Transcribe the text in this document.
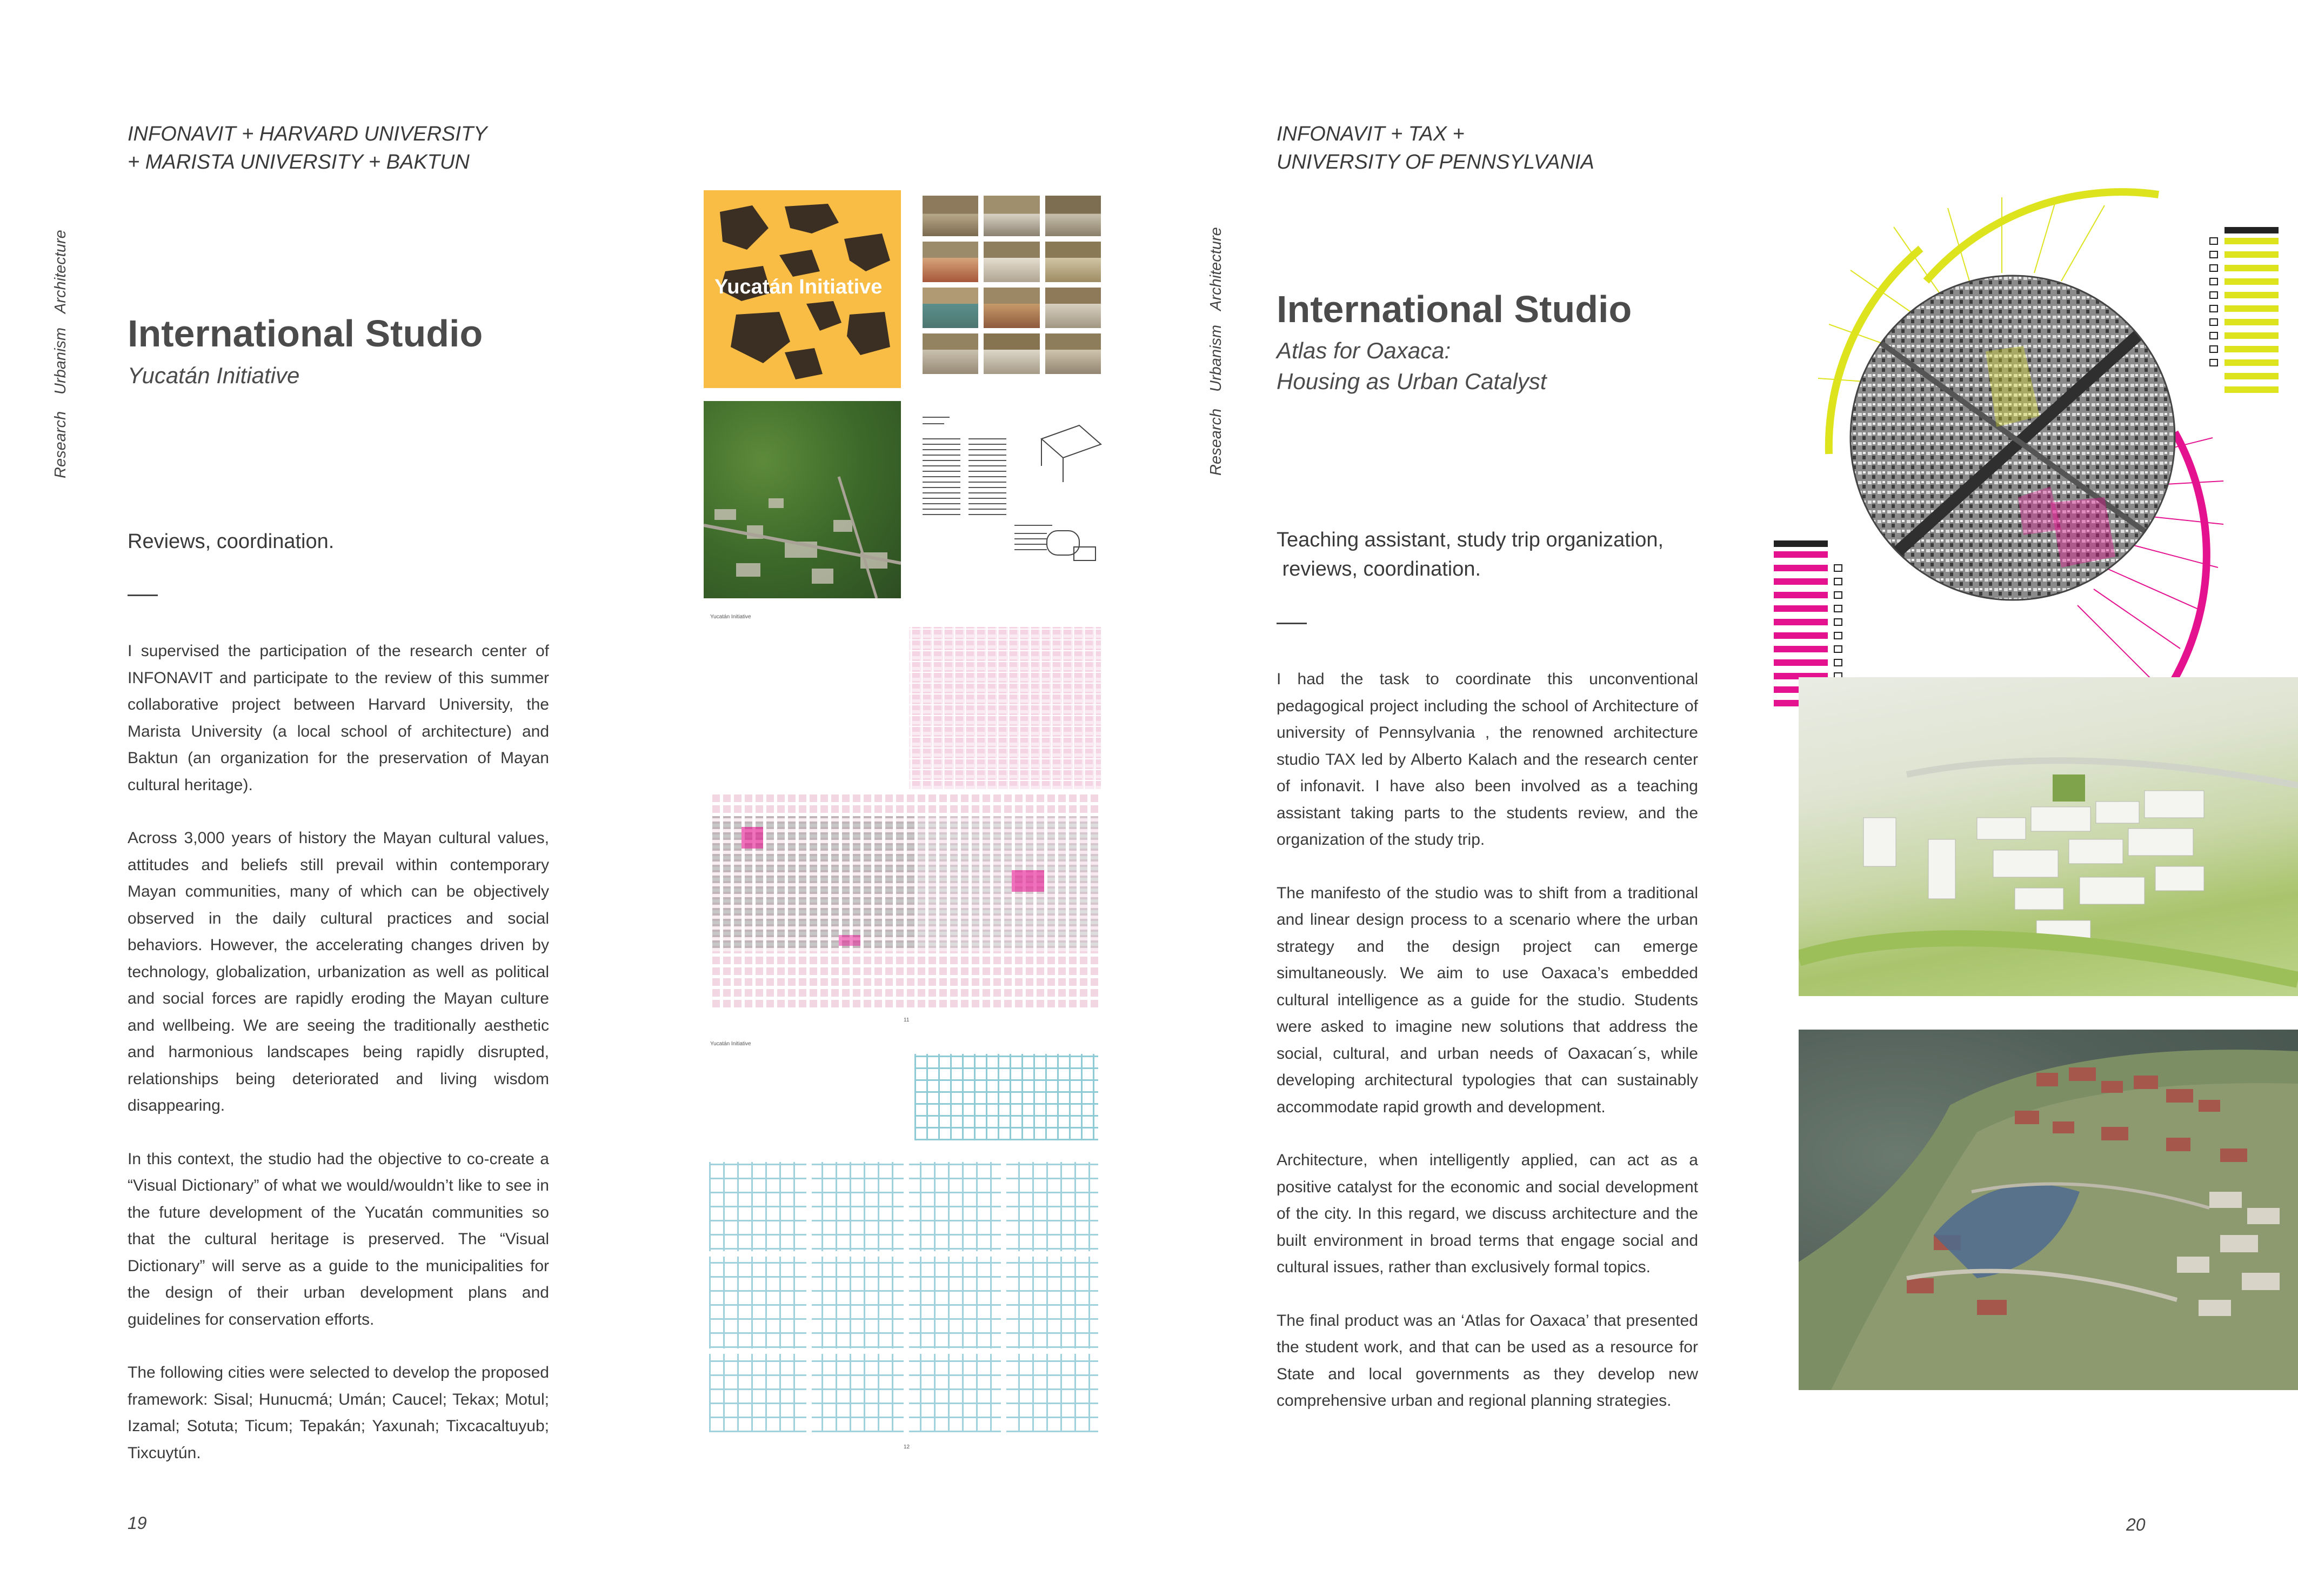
INFONAVIT + HARVARD UNIVERSITY
+ MARISTA UNIVERSITY + BAKTUN
Research
Urbanism
Architecture
International Studio
Yucatán Initiative
Reviews, coordination.

I supervised the participation of the research center of INFONAVIT and participate to the review of this summer collaborative project between Harvard University, the Marista University (a local school of architecture) and Baktun (an organization for the preservation of Mayan cultural heritage).

Across 3,000 years of history the Mayan cultural values, attitudes and beliefs still prevail within contemporary Mayan communities, many of which can be objectively observed in the daily cultural practices and social behaviors. However, the accelerating changes driven by technology, globalization, urbanization as well as political and social forces are rapidly eroding the Mayan culture and wellbeing. We are seeing the traditionally aesthetic and harmonious landscapes being rapidly disrupted, relationships being deteriorated and living wisdom disappearing.

In this context, the studio had the objective to co-create a “Visual Dictionary” of what we would/wouldn’t like to see in the future development of the Yucatán communities so that the cultural heritage is preserved. The “Visual Dictionary” will serve as a guide to the municipalities for the design of their urban development plans and guidelines for conservation efforts.

The following cities were selected to develop the proposed framework: Sisal; Hunucmá; Umán; Caucel; Tekax; Motul; Izamal; Sotuta; Ticum; Tepakán; Yaxunah; Tixcacaltuyub; Tixcuytún.

19
Yucatán Initiative
Yucatán Initiative
11
Yucatán Initiative
12
INFONAVIT + TAX +
UNIVERSITY OF PENNSYLVANIA
Research
Urbanism
Architecture International Studio
Atlas for Oaxaca:
Housing as Urban Catalyst
Teaching assistant, study trip organization,
reviews, coordination.

I had the task to coordinate this unconventional pedagogical project including the school of Architecture of university of Pennsylvania , the renowned architecture studio TAX led by Alberto Kalach and the research center of infonavit. I have also been involved as a teaching assistant taking parts to the students review, and the organization of the study trip.

The manifesto of the studio was to shift from a traditional and linear design process to a scenario where the urban strategy and the design project can emerge simultaneously. We aim to use Oaxaca’s embedded cultural intelligence as a guide for the studio. Students were asked to imagine new solutions that address the social, cultural, and urban needs of Oaxacan´s, while developing architectural typologies that can sustainably accommodate rapid growth and development.

Architecture, when intelligently applied, can act as a positive catalyst for the economic and social development of the city. In this regard, we discuss architecture and the built environment in broad terms that engage social and cultural issues, rather than exclusively formal topics.

The final product was an ‘Atlas for Oaxaca’ that presented the student work, and that can be used as a resource for State and local governments as they develop new comprehensive urban and regional planning strategies.

20
